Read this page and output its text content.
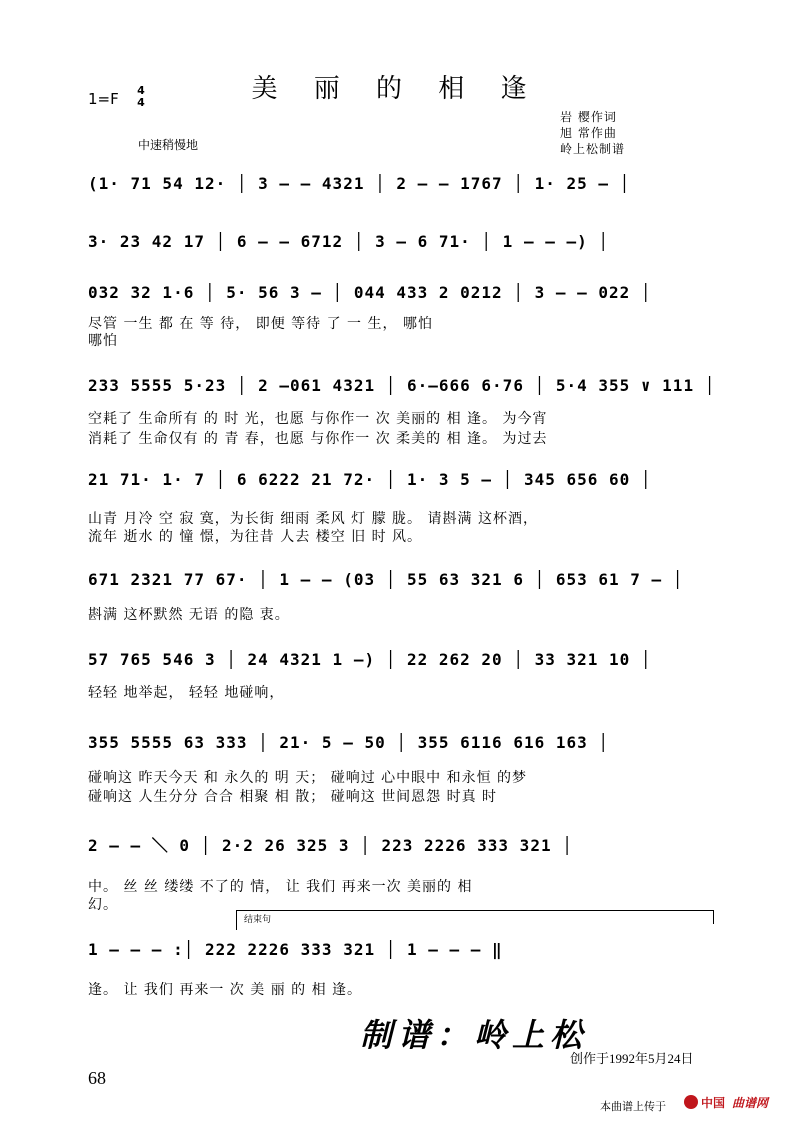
美 丽 的 相 逢
1=F 4
4
中速稍慢地
岩 樱作词
旭 常作曲
岭上松制谱
(1· 71 54 12· │ 3 – – 4321 │ 2 – – 1767 │ 1· 25 – │
3· 23 42 17 │ 6 – – 6712 │ 3 – 6 71· │ 1 – – –) │
032 32 1·6 │ 5· 56 3 – │ 044 433 2 0212 │ 3 – – 022 │
尽管 一生 都 在 等 待， 即便 等待 了 一 生， 哪怕
哪怕
233 5555 5·23 │ 2 –061 4321 │ 6·–666 6·76 │ 5·4 355 ∨ 111 │
空耗了 生命所有 的 时 光，也愿 与你作一 次 美丽的 相 逢。 为今宵
消耗了 生命仅有 的 青 春，也愿 与你作一 次 柔美的 相 逢。 为过去
21 71· 1· 7 │ 6 6222 21 72· │ 1· 3 5 – │ 345 656 60 │
山青 月冷 空 寂 寞，为长街 细雨 柔风 灯 朦 胧。 请斟满 这杯酒，
流年 逝水 的 憧 憬，为往昔 人去 楼空 旧 时 风。
671 2321 77 67· │ 1 – – (03 │ 55 63 321 6 │ 653 61 7 – │
斟满 这杯默然 无语 的隐 衷。
57 765 546 3 │ 24 4321 1 –) │ 22 262 20 │ 33 321 10 │
轻轻 地举起， 轻轻 地碰响，
355 5555 63 333 │ 21· 5 – 50 │ 355 6116 616 163 │
碰响这 昨天今天 和 永久的 明 天； 碰响过 心中眼中 和永恒 的梦
碰响这 人生分分 合合 相聚 相 散； 碰响这 世间恩怨 时真 时
2 – – ＼ 0 │ 2·2 26 325 3 │ 223 2226 333 321 │
中。 丝 丝 缕缕 不了的 情， 让 我们 再来一次 美丽的 相
幻。
结束句
1 – – – :│ 222 2226 333 321 │ 1 – – – ‖
逢。 让 我们 再来一 次 美 丽 的 相 逢。
制谱：岭上松
创作于1992年5月24日
68
本曲谱上传于	中国 曲谱网
